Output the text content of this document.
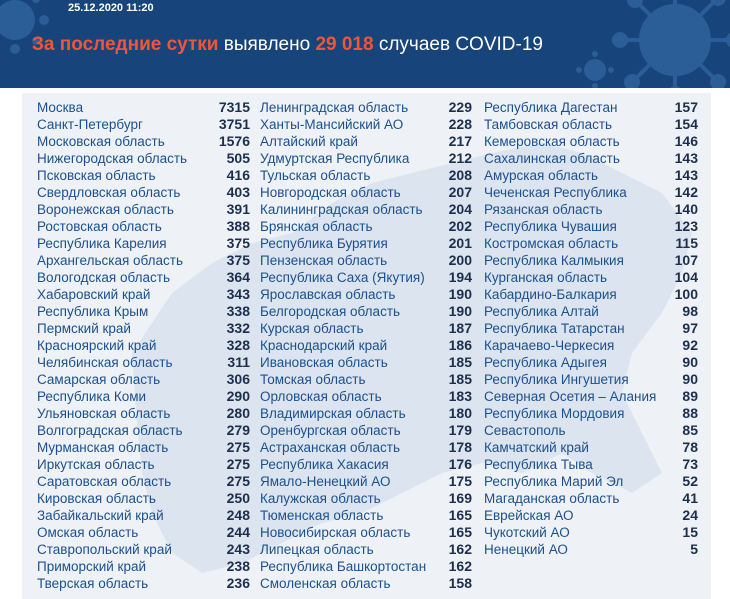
25.12.2020 11:20
За последние сутки выявлено 29 018 случаев COVID-19
Москва	7315
Санкт-Петербург	3751
Московская область	1576
Нижегородская область	505
Псковская область	416
Свердловская область	403
Воронежская область	391
Ростовская область	388
Республика Карелия	375
Архангельская область	375
Вологодская область	364
Хабаровский край	343
Республика Крым	338
Пермский край	332
Красноярский край	328
Челябинская область	311
Самарская область	306
Республика Коми	290
Ульяновская область	280
Волгоградская область	279
Мурманская область	275
Иркутская область	275
Саратовская область	275
Кировская область	250
Забайкальский край	248
Омская область	244
Ставропольский край	243
Приморский край	238
Тверская область	236
Ленинградская область	229
Ханты-Мансийский АО	228
Алтайский край	217
Удмуртская Республика	212
Тульская область	208
Новгородская область	207
Калининградская область 204
Брянская область	202
Республика Бурятия	201
Пензенская область	200
Республика Саха (Якутия) 194
Ярославская область	190
Белгородская область	190
Курская область	187
Краснодарский край	186
Ивановская область	185
Томская область	185
Орловская область	183
Владимирская область	180
Оренбургская область	179
Астраханская область	178
Республика Хакасия	176
Ямало-Ненецкий АО	175
Калужская область	169
Тюменская область	165
Новосибирская область	165
Липецкая область	162
Республика Башкортостан 162
Смоленская область	158
Республика Дагестан	157
Тамбовская область	154
Кемеровская область	146
Сахалинская область	143
Амурская область	143
Чеченская Республика	142
Рязанская область	140
Республика Чувашия	123
Костромская область	115
Республика Калмыкия	107
Курганская область	104
Кабардино-Балкария	100
Республика Алтай	98
Республика Татарстан	97
Карачаево-Черкесия	92
Республика Адыгея	90
Республика Ингушетия	90
Северная Осетия – Алания 89
Республика Мордовия	88
Севастополь	85
Камчатский край	78
Республика Тыва	73
Республика Марий Эл	52
Магаданская область	41
Еврейская АО	24
Чукотский АО	15
Ненецкий АО	5
